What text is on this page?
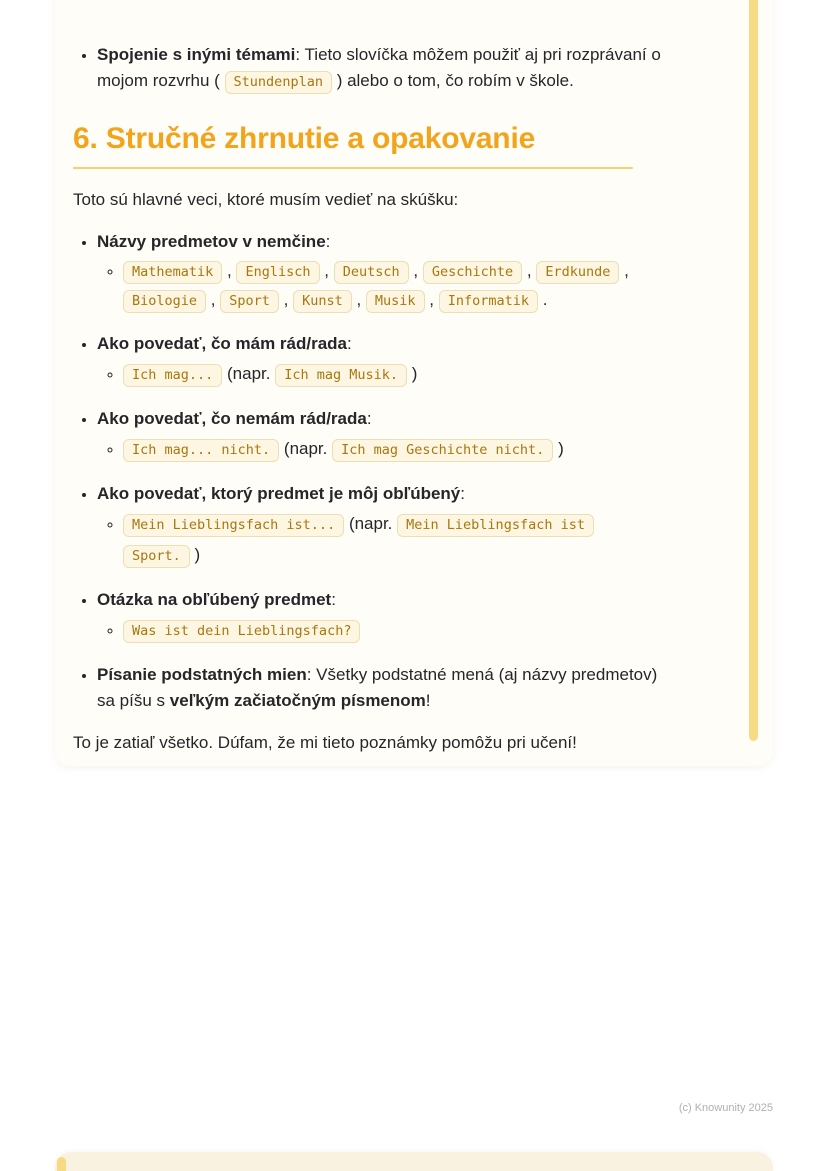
• Spojenie s inými témami: Tieto slovíčka môžem použiť aj pri rozprávaní o
mojom rozvrhu ( Stundenplan ) alebo o tom, čo robím v škole.
6. Stručné zhrnutie a opakovanie

Toto sú hlavné veci, ktoré musím vedieť na skúšku:

• Názvy predmetov v nemčine:
◦ Mathematik , Englisch , Deutsch , Geschichte , Erdkunde ,
Biologie , Sport , Kunst , Musik , Informatik .
• Ako povedať, čo mám rád/rada:
◦ Ich mag... (napr. Ich mag Musik. )
• Ako povedať, čo nemám rád/rada:
◦ Ich mag... nicht. (napr. Ich mag Geschichte nicht. )
• Ako povedať, ktorý predmet je môj obľúbený:
◦ Mein Lieblingsfach ist... (napr. Mein Lieblingsfach ist Sport. )
• Otázka na obľúbený predmet:
◦ Was ist dein Lieblingsfach?
• Písanie podstatných mien: Všetky podstatné mená (aj názvy predmetov)
sa píšu s veľkým začiatočným písmenom!

To je zatiaľ všetko. Dúfam, že mi tieto poznámky pomôžu pri učení!

(c) Knowunity 2025
